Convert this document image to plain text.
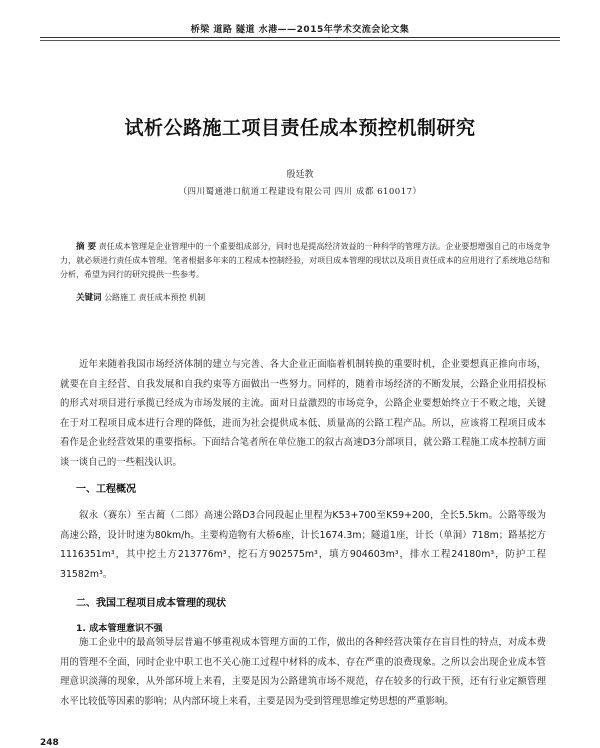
桥梁 道路 隧道 水港——2015年学术交流会论文集
试析公路施工项目责任成本预控机制研究
殷廷教
（四川蜀通港口航道工程建设有限公司 四川 成都 610017）
摘 要 责任成本管理是企业管理中的一个重要组成部分，同时也是提高经济效益的一种科学的管理方法。企业要想增强自己的市场竞争力，就必须进行责任成本管理。笔者根据多年来的工程成本控制经验，对项目成本管理的现状以及项目责任成本的应用进行了系统地总结和分析，希望为同行的研究提供一些参考。
关键词 公路施工 责任成本预控 机制
近年来随着我国市场经济体制的建立与完善、各大企业正面临着机制转换的重要时机，企业要想真正推向市场，就要在自主经营、自我发展和自我约束等方面做出一些努力。同样的，随着市场经济的不断发展，公路企业用招投标的形式对项目进行承揽已经成为市场发展的主流。面对日益激烈的市场竞争，公路企业要想始终立于不败之地，关键在于对工程项目成本进行合理的降低，进而为社会提供成本低、质量高的公路工程产品。所以，应该将工程项目成本看作是企业经营效果的重要指标。下面结合笔者所在单位施工的叙古高速D3分部项目，就公路工程施工成本控制方面谈一谈自己的一些粗浅认识。
一、工程概况
叙永（赛东）至古蔺（二郎）高速公路D3合同段起止里程为K53+700至K59+200，全长5.5km。公路等级为高速公路，设计时速为80km/h。主要构造物有大桥6座，计长1674.3m；隧道1座，计长（单洞）718m；路基挖方1116351m³，其中挖土方213776m³，挖石方902575m³，填方904603m³，排水工程24180m³，防护工程31582m³。
二、我国工程项目成本管理的现状
1. 成本管理意识不强
施工企业中的最高领导层普遍不够重视成本管理方面的工作，做出的各种经营决策存在盲目性的特点，对成本费用的管理不全面，同时企业中职工也不关心施工过程中材料的成本、存在严重的浪费现象。之所以会出现企业成本管理意识淡薄的现象，从外部环境上来看，主要是因为公路建筑市场不规范，存在较多的行政干预，还有行业定额管理水平比较低等因素的影响；从内部环境上来看，主要是因为受到管理思维定势思想的严重影响。
248
